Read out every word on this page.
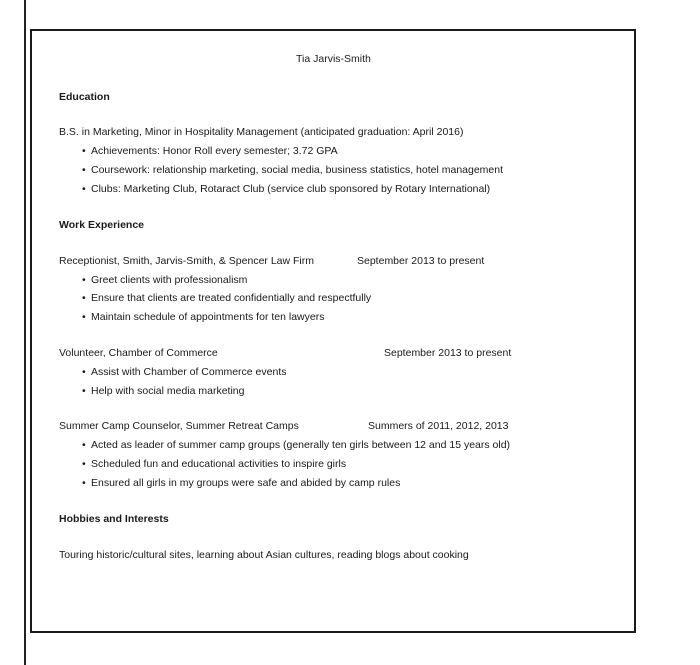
Tia Jarvis-Smith
Education
B.S. in Marketing, Minor in Hospitality Management (anticipated graduation: April 2016)
• Achievements: Honor Roll every semester; 3.72 GPA
• Coursework: relationship marketing, social media, business statistics, hotel management
• Clubs: Marketing Club, Rotaract Club (service club sponsored by Rotary International)
Work Experience
Receptionist, Smith, Jarvis-Smith, & Spencer Law Firm	September 2013 to present
• Greet clients with professionalism
• Ensure that clients are treated confidentially and respectfully
• Maintain schedule of appointments for ten lawyers
Volunteer, Chamber of Commerce	September 2013 to present
• Assist with Chamber of Commerce events
• Help with social media marketing
Summer Camp Counselor, Summer Retreat Camps	Summers of 2011, 2012, 2013
• Acted as leader of summer camp groups (generally ten girls between 12 and 15 years old)
• Scheduled fun and educational activities to inspire girls
• Ensured all girls in my groups were safe and abided by camp rules
Hobbies and Interests
Touring historic/cultural sites, learning about Asian cultures, reading blogs about cooking
